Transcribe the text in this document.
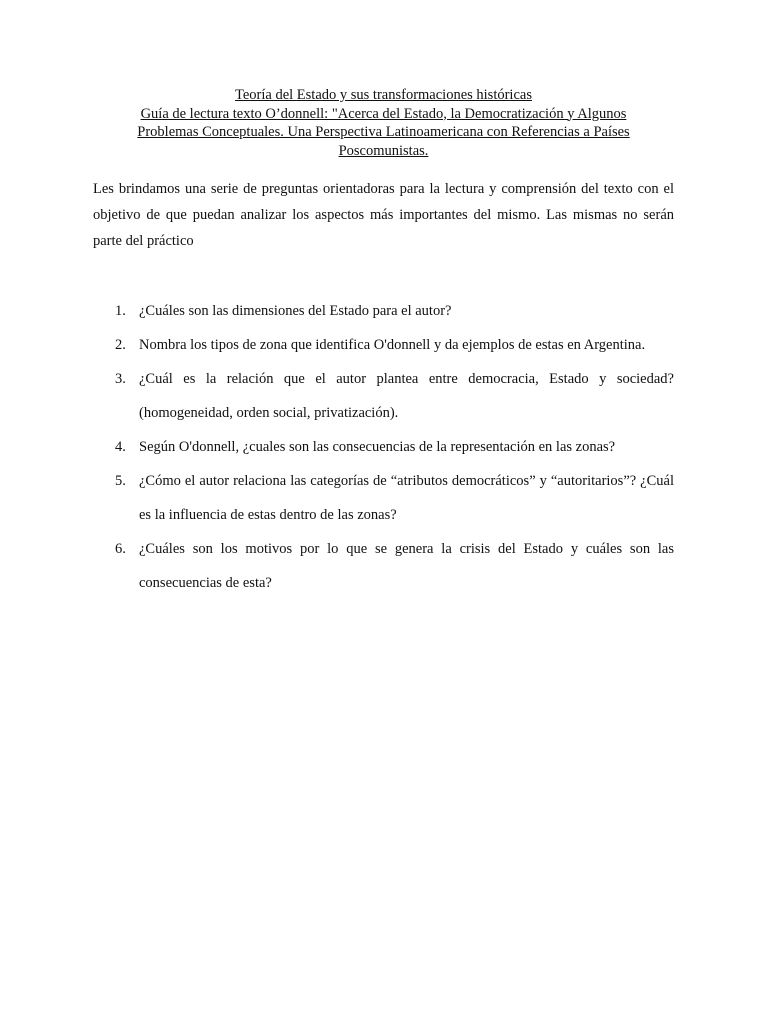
Teoría del Estado y sus transformaciones históricas
Guía de lectura texto O’donnell: "Acerca del Estado, la Democratización y Algunos
Problemas Conceptuales. Una Perspectiva Latinoamericana con Referencias a Países
Poscomunistas.

Les brindamos una serie de preguntas orientadoras para la lectura y comprensión del texto con el objetivo de que puedan analizar los aspectos más importantes del mismo. Las mismas no serán parte del práctico

1. ¿Cuáles son las dimensiones del Estado para el autor?
2. Nombra los tipos de zona que identifica O'donnell y da ejemplos de estas en Argentina.
3. ¿Cuál es la relación que el autor plantea entre democracia, Estado y sociedad? (homogeneidad, orden social, privatización).
4. Según O'donnell, ¿cuales son las consecuencias de la representación en las zonas?
5. ¿Cómo el autor relaciona las categorías de “atributos democráticos” y “autoritarios”? ¿Cuál es la influencia de estas dentro de las zonas?
6. ¿Cuáles son los motivos por lo que se genera la crisis del Estado y cuáles son las consecuencias de esta?
